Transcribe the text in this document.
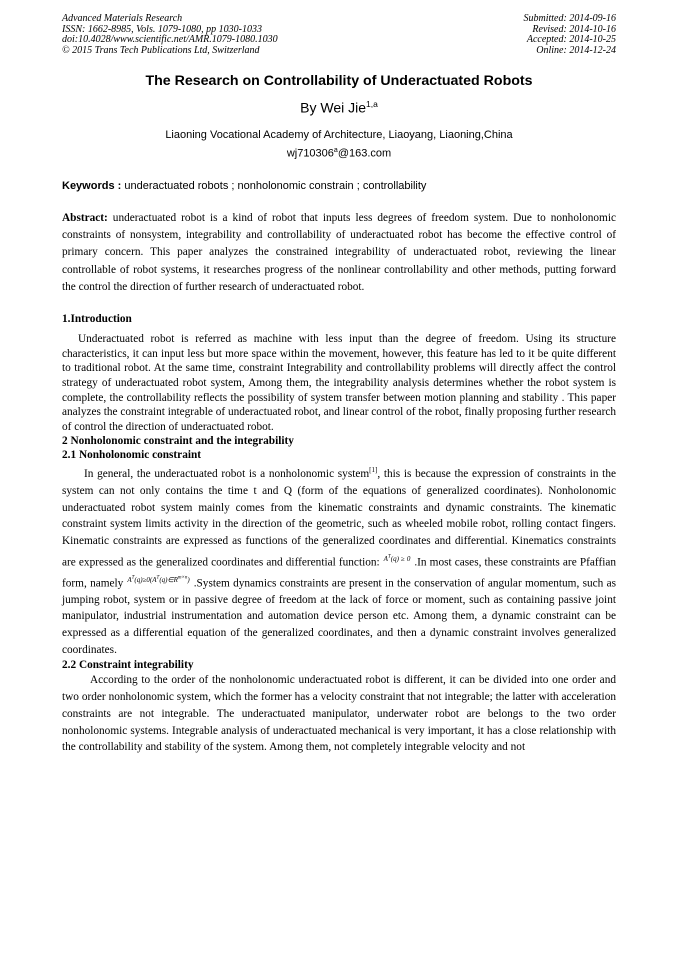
Advanced Materials Research
ISSN: 1662-8985, Vols. 1079-1080, pp 1030-1033
doi:10.4028/www.scientific.net/AMR.1079-1080.1030
© 2015 Trans Tech Publications Ltd, Switzerland
Submitted: 2014-09-16
Revised: 2014-10-16
Accepted: 2014-10-25
Online: 2014-12-24
The Research on Controllability of Underactuated Robots
By Wei Jie$^{1,a}$
Liaoning Vocational Academy of Architecture, Liaoyang, Liaoning,China
wj710306$^a$@163.com
Keywords : underactuated robots ; nonholonomic constrain ; controllability
Abstract: underactuated robot is a kind of robot that inputs less degrees of freedom system. Due to nonholonomic constraints of nonsystem, integrability and controllability of underactuated robot has become the effective control of primary concern. This paper analyzes the constrained integrability of underactuated robot, reviewing the linear controllable of robot systems, it researches progress of the nonlinear controllability and other methods, putting forward the control the direction of further research of underactuated robot.
1.Introduction
Underactuated robot is referred as machine with less input than the degree of freedom. Using its structure characteristics, it can input less but more space within the movement, however, this feature has led to it be quite different to traditional robot. At the same time, constraint Integrability and controllability problems will directly affect the control strategy of underactuated robot system, Among them, the integrability analysis determines whether the robot system is complete, the controllability reflects the possibility of system transfer between motion planning and stability . This paper analyzes the constraint integrable of underactuated robot, and linear control of the robot, finally proposing further research of control the direction of underactuated robot.
2 Nonholonomic constraint and the integrability
2.1 Nonholonomic constraint
In general, the underactuated robot is a nonholonomic system[1], this is because the expression of constraints in the system can not only contains the time t and Q (form of the equations of generalized coordinates). Nonholonomic underactuated robot system mainly comes from the kinematic constraints and dynamic constraints. The kinematic constraint system limits activity in the direction of the geometric, such as wheeled mobile robot, rolling contact fingers. Kinematic constraints are expressed as functions of the generalized coordinates and differential. Kinematics constraints are expressed as the generalized coordinates and differential function: $^{A^T(q) \ge 0}$ .In most cases, these constraints are Pfaffian form, namely $^{A^T(q)\ge 0(A^T(q)\in R^{m\times n})}$ .System dynamics constraints are present in the conservation of angular momentum, such as jumping robot, system or in passive degree of freedom at the lack of force or moment, such as containing passive joint manipulator, industrial instrumentation and automation device person etc. Among them, a dynamic constraint can be expressed as a differential equation of the generalized coordinates, and then a dynamic constraint involves generalized coordinates.
2.2 Constraint integrability
According to the order of the nonholonomic underactuated robot is different, it can be divided into one order and two order nonholonomic system, which the former has a velocity constraint that not integrable; the latter with acceleration constraints are not integrable. The underactuated manipulator, underwater robot are belongs to the two order nonholonomic systems. Integrable analysis of underactuated mechanical is very important, it has a close relationship with the controllability and stability of the system. Among them, not completely integrable velocity and not
